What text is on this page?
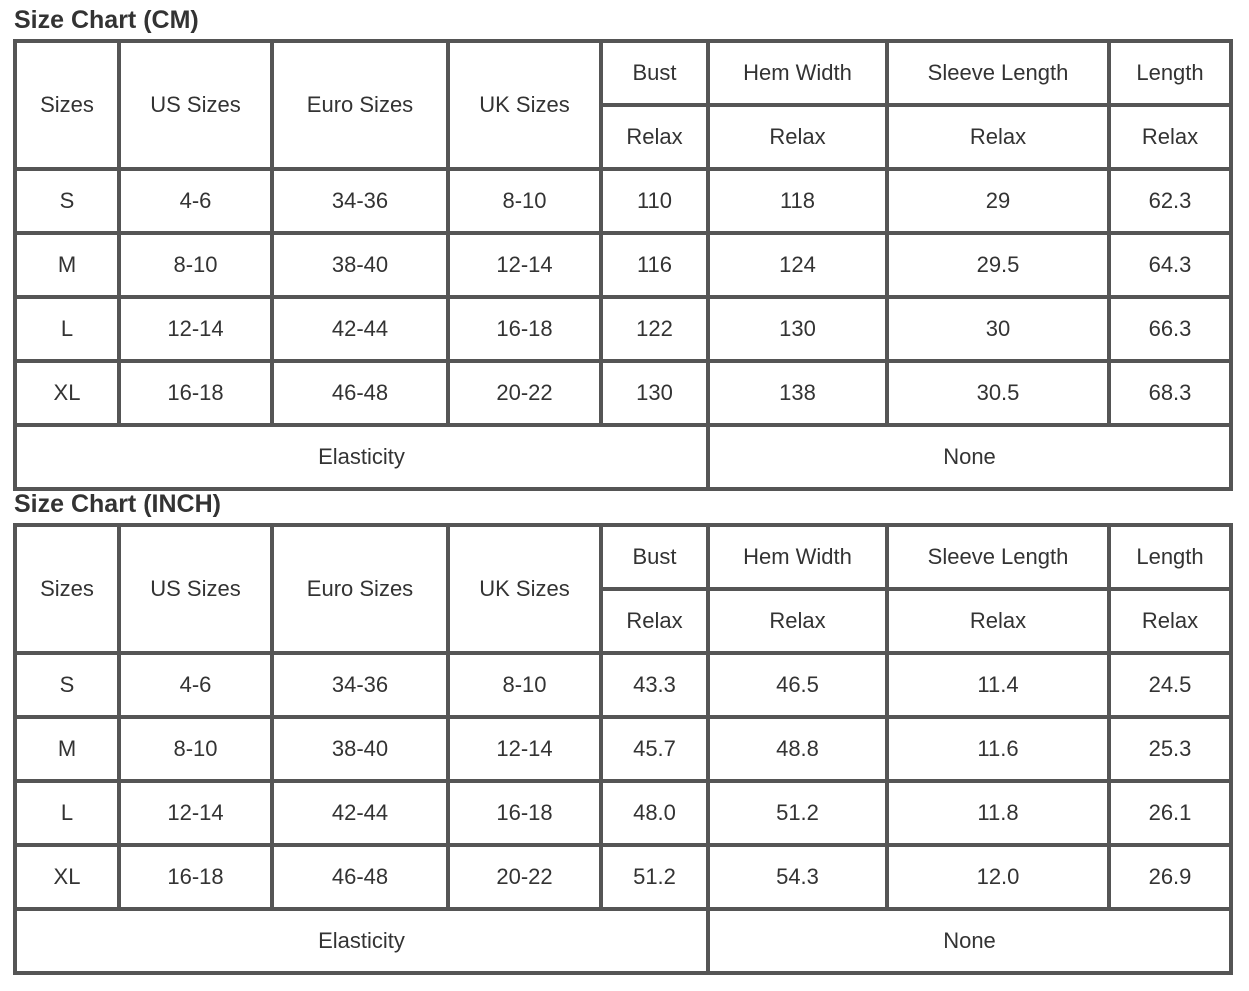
Size Chart (CM)
Sizes	US Sizes	Euro Sizes	UK Sizes	Bust	Hem Width	Sleeve Length	Length
				Relax	Relax	Relax	Relax
S	4-6	34-36	8-10	110	118	29	62.3
M	8-10	38-40	12-14	116	124	29.5	64.3
L	12-14	42-44	16-18	122	130	30	66.3
XL	16-18	46-48	20-22	130	138	30.5	68.3
Elasticity					None		
Size Chart (INCH)
Sizes	US Sizes	Euro Sizes	UK Sizes	Bust	Hem Width	Sleeve Length	Length
				Relax	Relax	Relax	Relax
S	4-6	34-36	8-10	43.3	46.5	11.4	24.5
M	8-10	38-40	12-14	45.7	48.8	11.6	25.3
L	12-14	42-44	16-18	48.0	51.2	11.8	26.1
XL	16-18	46-48	20-22	51.2	54.3	12.0	26.9
Elasticity					None		
